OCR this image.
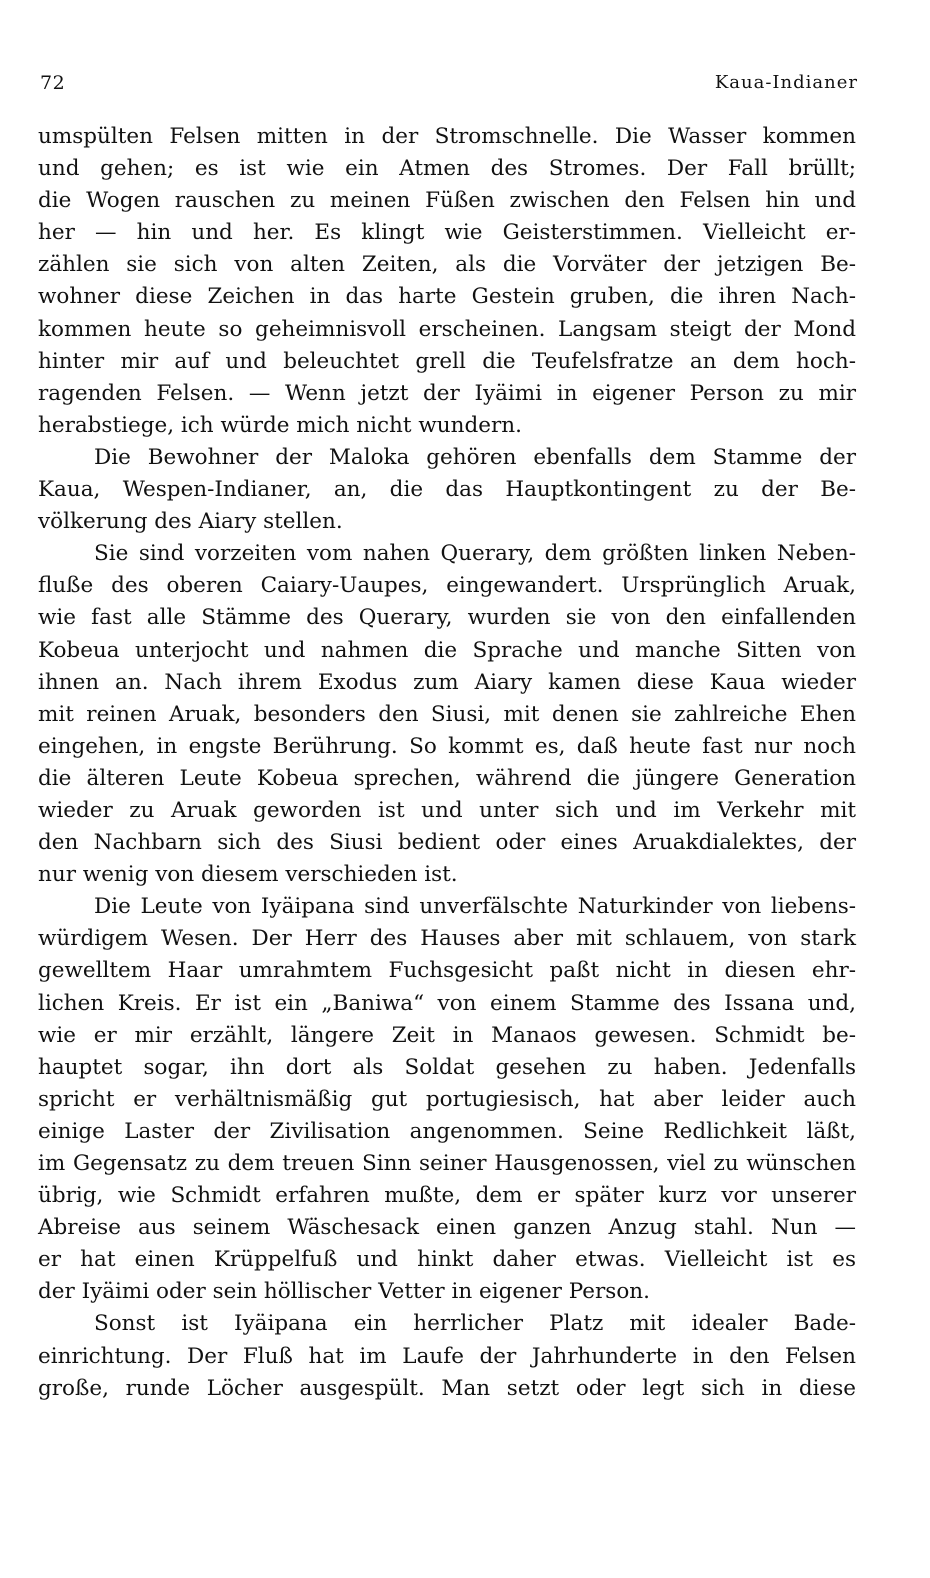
72	Kaua-Indianer
umspülten Felsen mitten in der Stromschnelle. Die Wasser kommen
und gehen; es ist wie ein Atmen des Stromes. Der Fall brüllt;
die Wogen rauschen zu meinen Füßen zwischen den Felsen hin und
her — hin und her. Es klingt wie Geisterstimmen. Vielleicht er-
zählen sie sich von alten Zeiten, als die Vorväter der jetzigen Be-
wohner diese Zeichen in das harte Gestein gruben, die ihren Nach-
kommen heute so geheimnisvoll erscheinen. Langsam steigt der Mond
hinter mir auf und beleuchtet grell die Teufelsfratze an dem hoch-
ragenden Felsen. — Wenn jetzt der Iyäimi in eigener Person zu mir
herabstiege, ich würde mich nicht wundern.
Die Bewohner der Maloka gehören ebenfalls dem Stamme der
Kaua, Wespen-Indianer, an, die das Hauptkontingent zu der Be-
völkerung des Aiary stellen.
Sie sind vorzeiten vom nahen Querary, dem größten linken Neben-
fluße des oberen Caiary-Uaupes, eingewandert. Ursprünglich Aruak,
wie fast alle Stämme des Querary, wurden sie von den einfallenden
Kobeua unterjocht und nahmen die Sprache und manche Sitten von
ihnen an. Nach ihrem Exodus zum Aiary kamen diese Kaua wieder
mit reinen Aruak, besonders den Siusi, mit denen sie zahlreiche Ehen
eingehen, in engste Berührung. So kommt es, daß heute fast nur noch
die älteren Leute Kobeua sprechen, während die jüngere Generation
wieder zu Aruak geworden ist und unter sich und im Verkehr mit
den Nachbarn sich des Siusi bedient oder eines Aruakdialektes, der
nur wenig von diesem verschieden ist.
Die Leute von Iyäipana sind unverfälschte Naturkinder von liebens-
würdigem Wesen. Der Herr des Hauses aber mit schlauem, von stark
gewelltem Haar umrahmtem Fuchsgesicht paßt nicht in diesen ehr-
lichen Kreis. Er ist ein „Baniwa“ von einem Stamme des Issana und,
wie er mir erzählt, längere Zeit in Manaos gewesen. Schmidt be-
hauptet sogar, ihn dort als Soldat gesehen zu haben. Jedenfalls
spricht er verhältnismäßig gut portugiesisch, hat aber leider auch
einige Laster der Zivilisation angenommen. Seine Redlichkeit läßt,
im Gegensatz zu dem treuen Sinn seiner Hausgenossen, viel zu wünschen
übrig, wie Schmidt erfahren mußte, dem er später kurz vor unserer
Abreise aus seinem Wäschesack einen ganzen Anzug stahl. Nun —
er hat einen Krüppelfuß und hinkt daher etwas. Vielleicht ist es
der Iyäimi oder sein höllischer Vetter in eigener Person.
Sonst ist Iyäipana ein herrlicher Platz mit idealer Bade-
einrichtung. Der Fluß hat im Laufe der Jahrhunderte in den Felsen
große, runde Löcher ausgespült. Man setzt oder legt sich in diese
